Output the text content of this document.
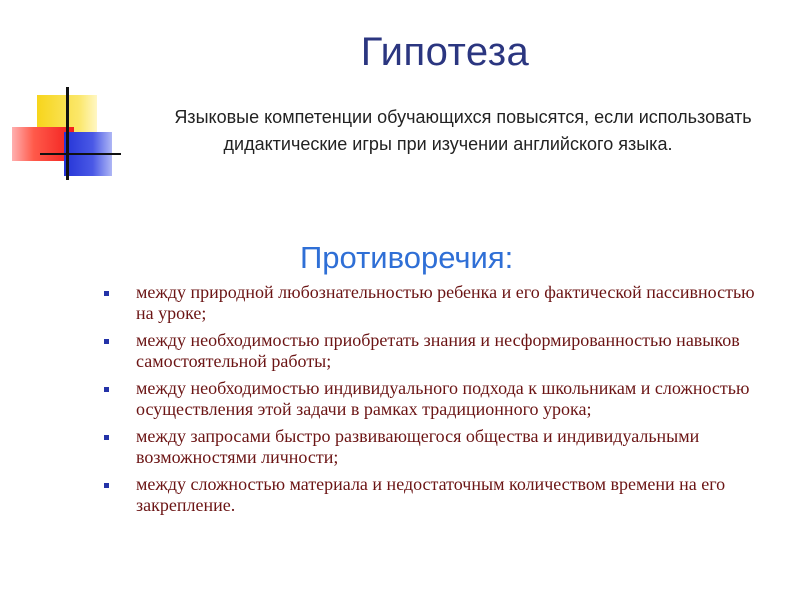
Гипотеза
Языковые компетенции обучающихся повысятся, если использовать дидактические игры при изучении английского языка.
Противоречия:
между природной любознательностью ребенка и его фактической пассивностью на уроке;
между необходимостью приобретать знания и несформированностью навыков самостоятельной работы;
между необходимостью индивидуального подхода к школьникам и сложностью осуществления этой задачи в рамках традиционного урока;
между запросами быстро развивающегося общества и индивидуальными возможностями личности;
между сложностью материала и недостаточным количеством времени на его закрепление.
